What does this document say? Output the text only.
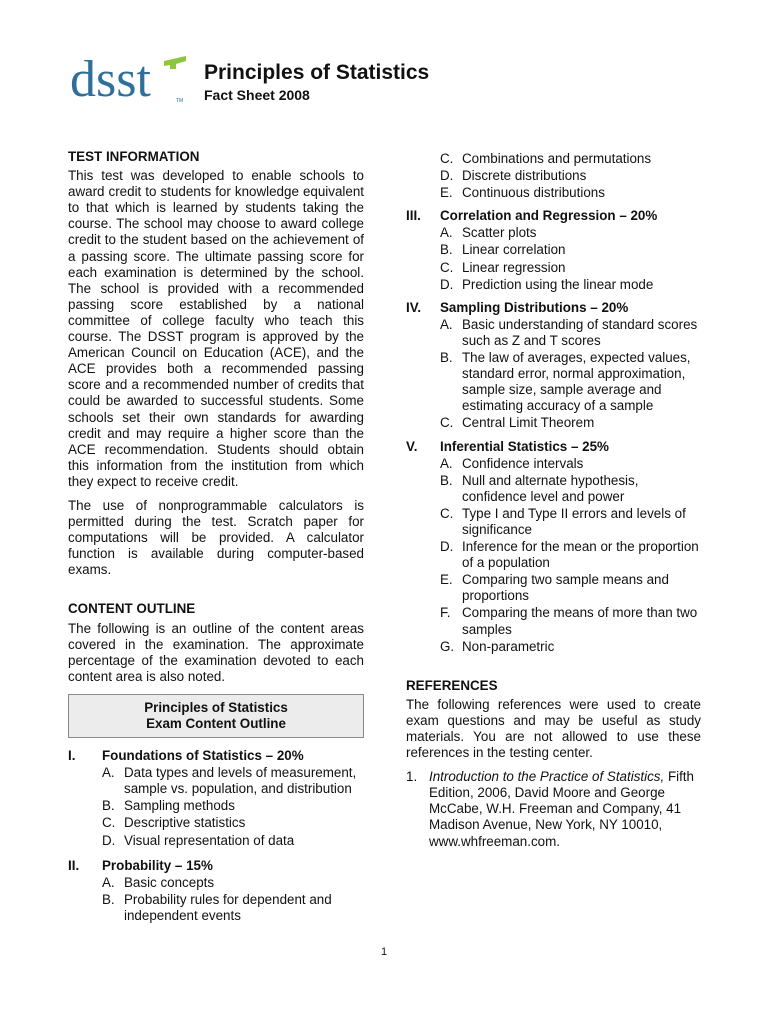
dsst	TM
Principles of Statistics
Fact Sheet 2008
TEST INFORMATION

This test was developed to enable schools to award credit to students for knowledge equivalent to that which is learned by students taking the course. The school may choose to award college credit to the student based on the achievement of a passing score. The ultimate passing score for each examination is determined by the school. The school is provided with a recommended passing score established by a national committee of college faculty who teach this course. The DSST program is approved by the American Council on Education (ACE), and the ACE provides both a recommended passing score and a recommended number of credits that could be awarded to successful students. Some schools set their own standards for awarding credit and may require a higher score than the ACE recommendation. Students should obtain this information from the institution from which they expect to receive credit.

The use of nonprogrammable calculators is permitted during the test. Scratch paper for computations will be provided. A calculator function is available during computer-based exams.

CONTENT OUTLINE

The following is an outline of the content areas covered in the examination. The approximate percentage of the examination devoted to each content area is also noted.

Principles of Statistics
Exam Content Outline
I.	Foundations of Statistics – 20%
A. Data types and levels of measurement, sample vs. population, and distribution
B. Sampling methods
C. Descriptive statistics
D. Visual representation of data
II.	Probability – 15%
A. Basic concepts
B. Probability rules for dependent and independent events
C. Combinations and permutations
D. Discrete distributions
E. Continuous distributions
III.	Correlation and Regression – 20%
A. Scatter plots
B. Linear correlation
C. Linear regression
D. Prediction using the linear mode
IV.	Sampling Distributions – 20%
A. Basic understanding of standard scores such as Z and T scores
B. The law of averages, expected values, standard error, normal approximation, sample size, sample average and estimating accuracy of a sample
C. Central Limit Theorem
V.	Inferential Statistics – 25%
A. Confidence intervals
B. Null and alternate hypothesis, confidence level and power
C. Type I and Type II errors and levels of significance
D. Inference for the mean or the proportion of a population
E. Comparing two sample means and proportions
F. Comparing the means of more than two samples
G. Non-parametric
REFERENCES

The following references were used to create exam questions and may be useful as study materials. You are not allowed to use these references in the testing center.

1. Introduction to the Practice of Statistics, Fifth Edition, 2006, David Moore and George McCabe, W.H. Freeman and Company, 41 Madison Avenue, New York, NY 10010, www.whfreeman.com.
1
